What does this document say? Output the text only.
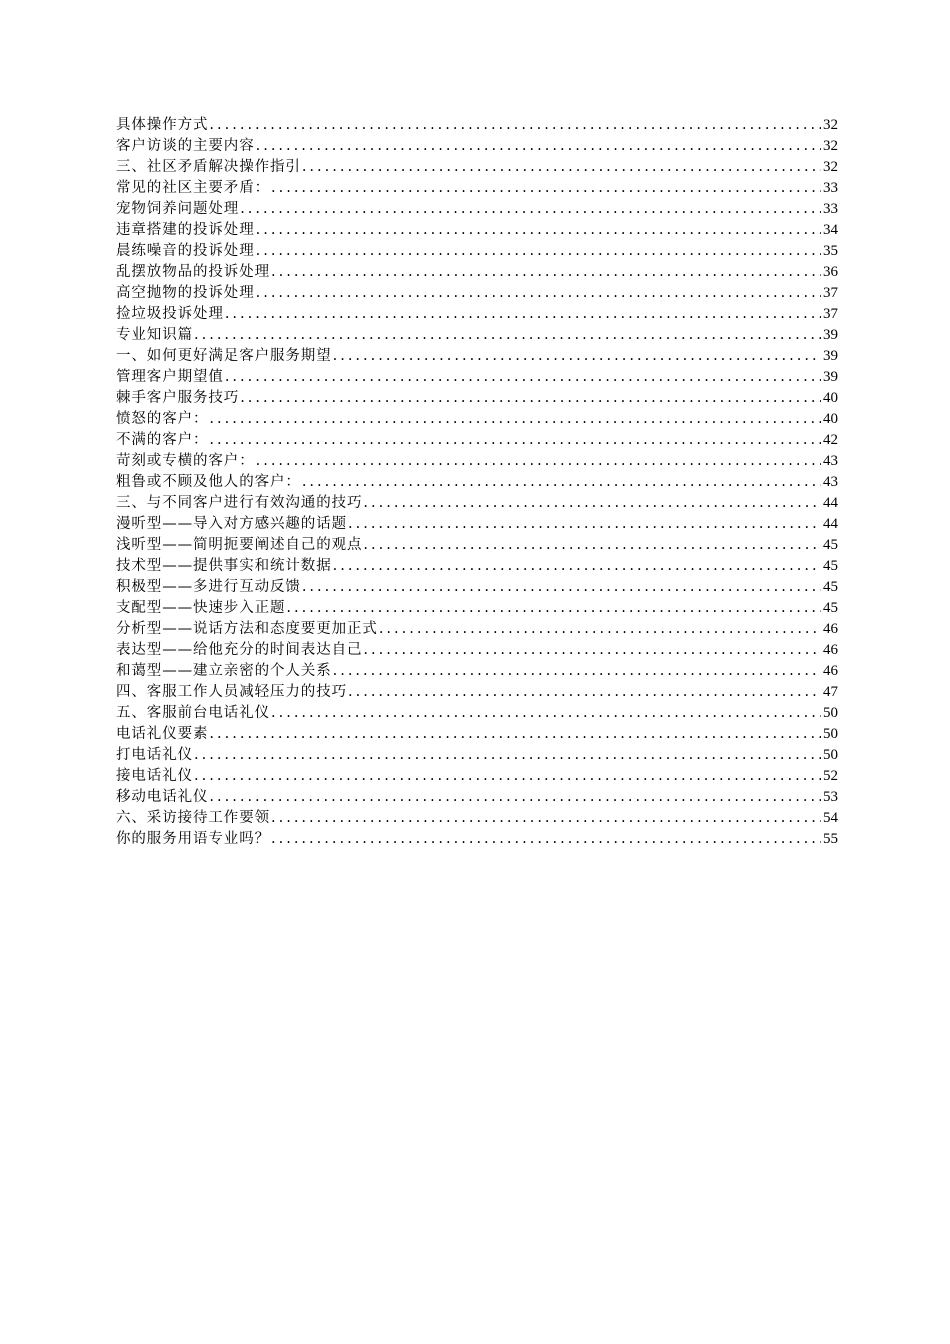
具体操作方式 .....	32
客户访谈的主要内容 .....	32
三、社区矛盾解决操作指引 .....	32
常见的社区主要矛盾： .....	33
宠物饲养问题处理 .....	33
违章搭建的投诉处理 .....	34
晨练噪音的投诉处理 .....	35
乱摆放物品的投诉处理 .....	36
高空抛物的投诉处理 .....	37
捡垃圾投诉处理 .....	37
专业知识篇 .....	39
一、如何更好满足客户服务期望 .....	39
管理客户期望值 .....	39
棘手客户服务技巧 .....	40
愤怒的客户： .....	40
不满的客户： .....	42
苛刻或专横的客户： .....	43
粗鲁或不顾及他人的客户： .....	43
三、与不同客户进行有效沟通的技巧 .....	44
漫听型——导入对方感兴趣的话题 .....	44
浅听型——简明扼要阐述自己的观点 .....	45
技术型——提供事实和统计数据 .....	45
积极型——多进行互动反馈 .....	45
支配型——快速步入正题 .....	45
分析型——说话方法和态度要更加正式 .....	46
表达型——给他充分的时间表达自己 .....	46
和蔼型——建立亲密的个人关系 .....	46
四、客服工作人员减轻压力的技巧 .....	47
五、客服前台电话礼仪 .....	50
电话礼仪要素 .....	50
打电话礼仪 .....	50
接电话礼仪 .....	52
移动电话礼仪 .....	53
六、采访接待工作要领 .....	54
你的服务用语专业吗？ .....	55
